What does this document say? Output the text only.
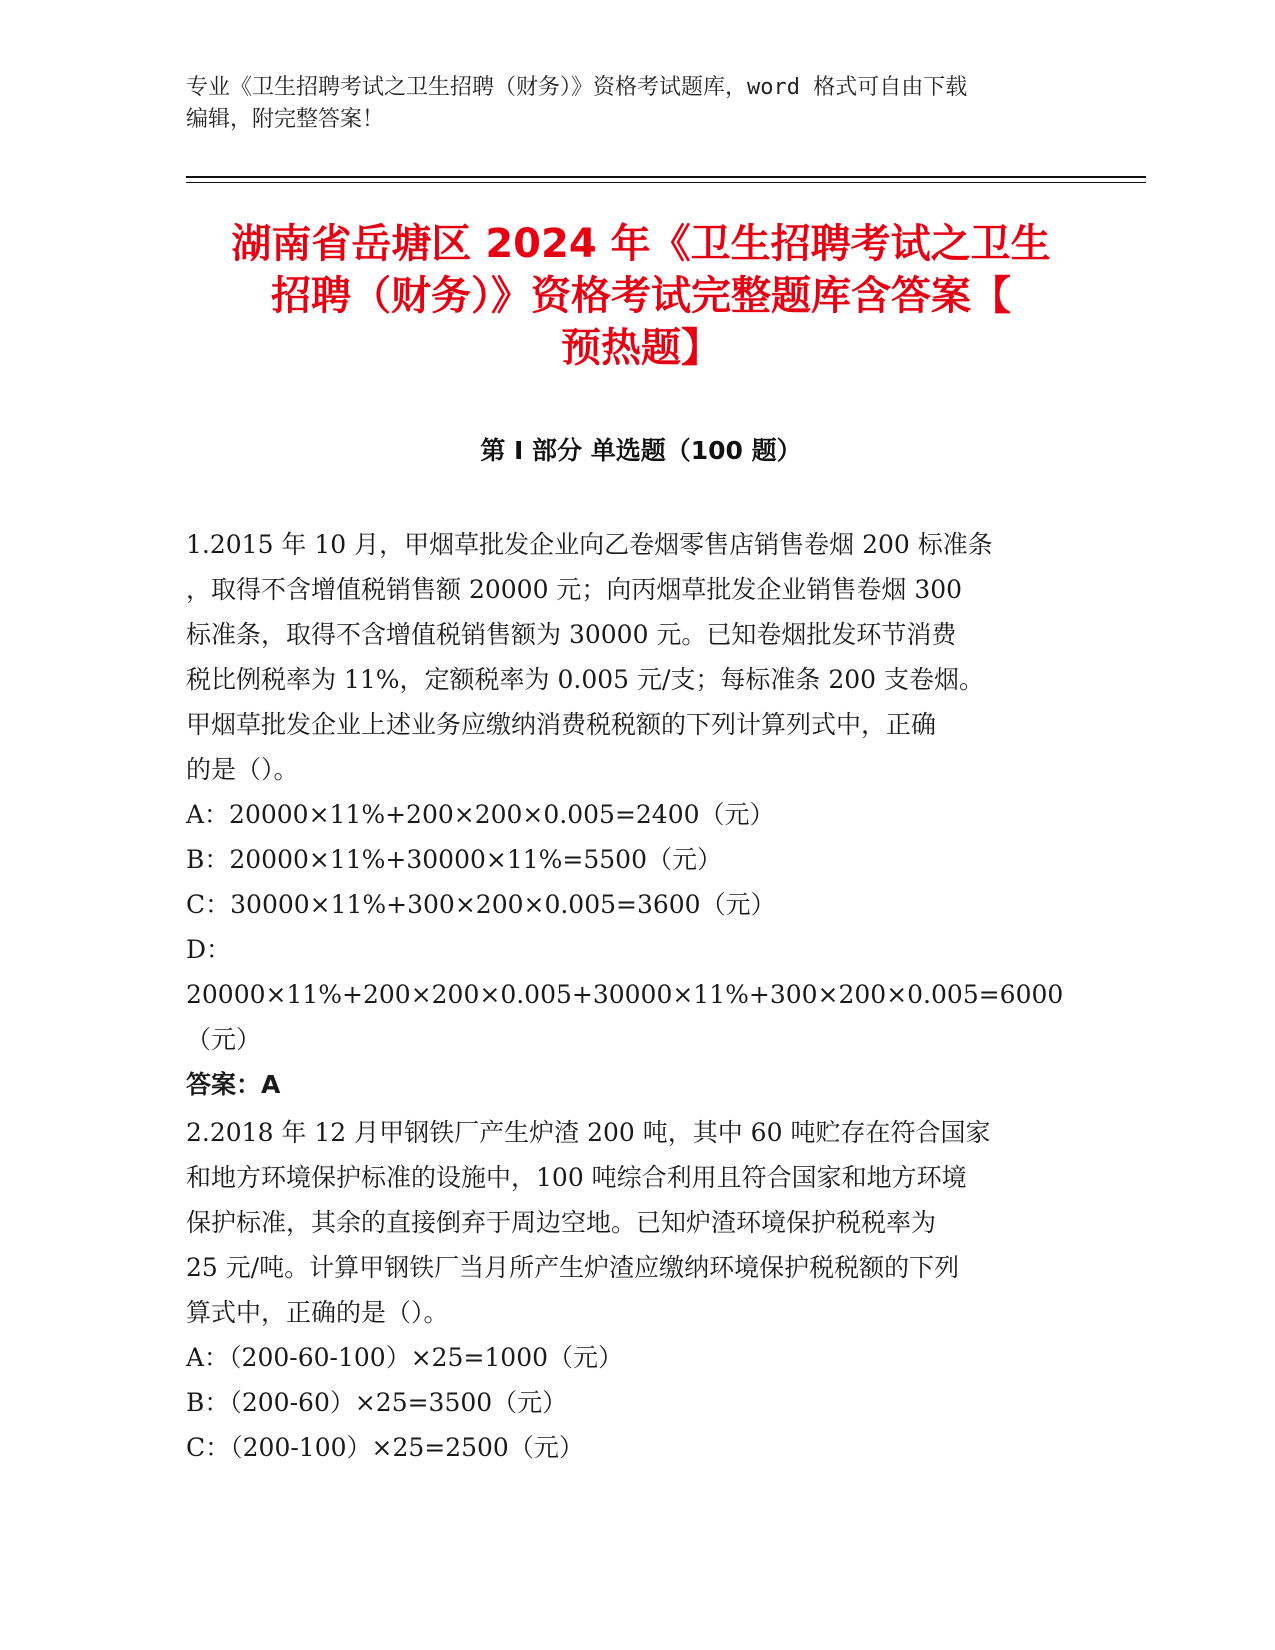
专业《卫生招聘考试之卫生招聘（财务）》资格考试题库，word 格式可自由下载
编辑，附完整答案！
湖南省岳塘区 2024 年《卫生招聘考试之卫生
招聘（财务）》资格考试完整题库含答案【
预热题】
第 I 部分 单选题（100 题）

1.2015 年 10 月，甲烟草批发企业向乙卷烟零售店销售卷烟 200 标准条

，取得不含增值税销售额 20000 元；向丙烟草批发企业销售卷烟 300

标准条，取得不含增值税销售额为 30000 元。已知卷烟批发环节消费

税比例税率为 11%，定额税率为 0.005 元/支；每标准条 200 支卷烟。

甲烟草批发企业上述业务应缴纳消费税税额的下列计算列式中，正确

的是（）。

A：20000×11%+200×200×0.005=2400（元）

B：20000×11%+30000×11%=5500（元）

C：30000×11%+300×200×0.005=3600（元）

D：20000×11%+200×200×0.005+30000×11%+300×200×0.005=6000

（元）

答案：A

2.2018 年 12 月甲钢铁厂产生炉渣 200 吨，其中 60 吨贮存在符合国家

和地方环境保护标准的设施中，100 吨综合利用且符合国家和地方环境

保护标准，其余的直接倒弃于周边空地。已知炉渣环境保护税税率为

25 元/吨。计算甲钢铁厂当月所产生炉渣应缴纳环境保护税税额的下列

算式中，正确的是（）。

A：（200-60-100）×25=1000（元）

B：（200-60）×25=3500（元）

C：（200-100）×25=2500（元）
